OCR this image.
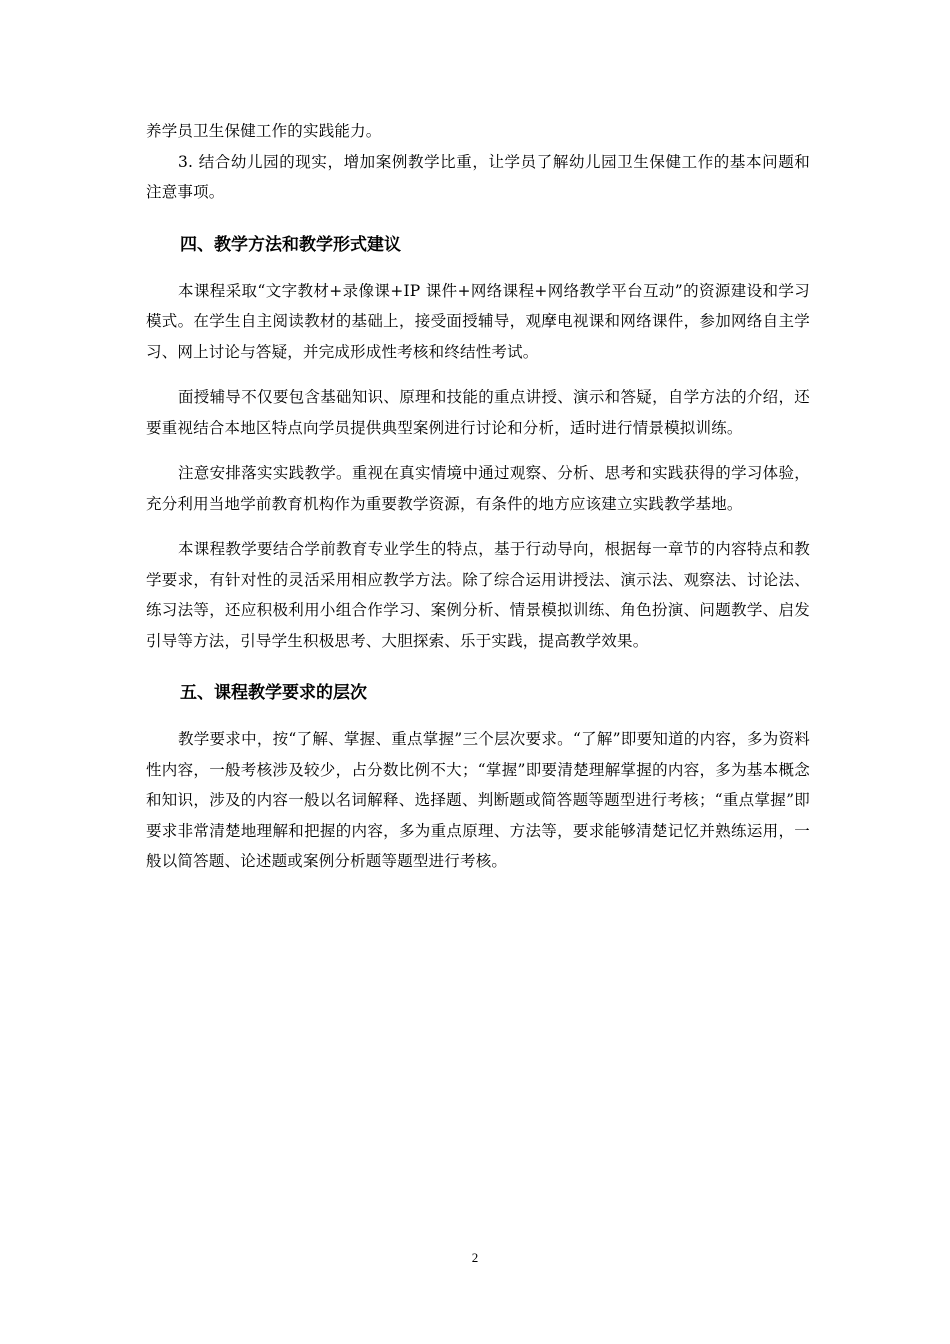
养学员卫生保健工作的实践能力。

3. 结合幼儿园的现实，增加案例教学比重，让学员了解幼儿园卫生保健工作的基本问题和注意事项。

四、教学方法和教学形式建议

本课程采取“文字教材+录像课+IP 课件+网络课程+网络教学平台互动”的资源建设和学习模式。在学生自主阅读教材的基础上，接受面授辅导，观摩电视课和网络课件，参加网络自主学习、网上讨论与答疑，并完成形成性考核和终结性考试。

面授辅导不仅要包含基础知识、原理和技能的重点讲授、演示和答疑，自学方法的介绍，还要重视结合本地区特点向学员提供典型案例进行讨论和分析，适时进行情景模拟训练。

注意安排落实实践教学。重视在真实情境中通过观察、分析、思考和实践获得的学习体验，充分利用当地学前教育机构作为重要教学资源，有条件的地方应该建立实践教学基地。

本课程教学要结合学前教育专业学生的特点，基于行动导向，根据每一章节的内容特点和教学要求，有针对性的灵活采用相应教学方法。除了综合运用讲授法、演示法、观察法、讨论法、练习法等，还应积极利用小组合作学习、案例分析、情景模拟训练、角色扮演、问题教学、启发引导等方法，引导学生积极思考、大胆探索、乐于实践，提高教学效果。

五、课程教学要求的层次

教学要求中，按“了解、掌握、重点掌握”三个层次要求。“了解”即要知道的内容，多为资料性内容，一般考核涉及较少，占分数比例不大；“掌握”即要清楚理解掌握的内容，多为基本概念和知识，涉及的内容一般以名词解释、选择题、判断题或简答题等题型进行考核；“重点掌握”即要求非常清楚地理解和把握的内容，多为重点原理、方法等，要求能够清楚记忆并熟练运用，一般以简答题、论述题或案例分析题等题型进行考核。

2
